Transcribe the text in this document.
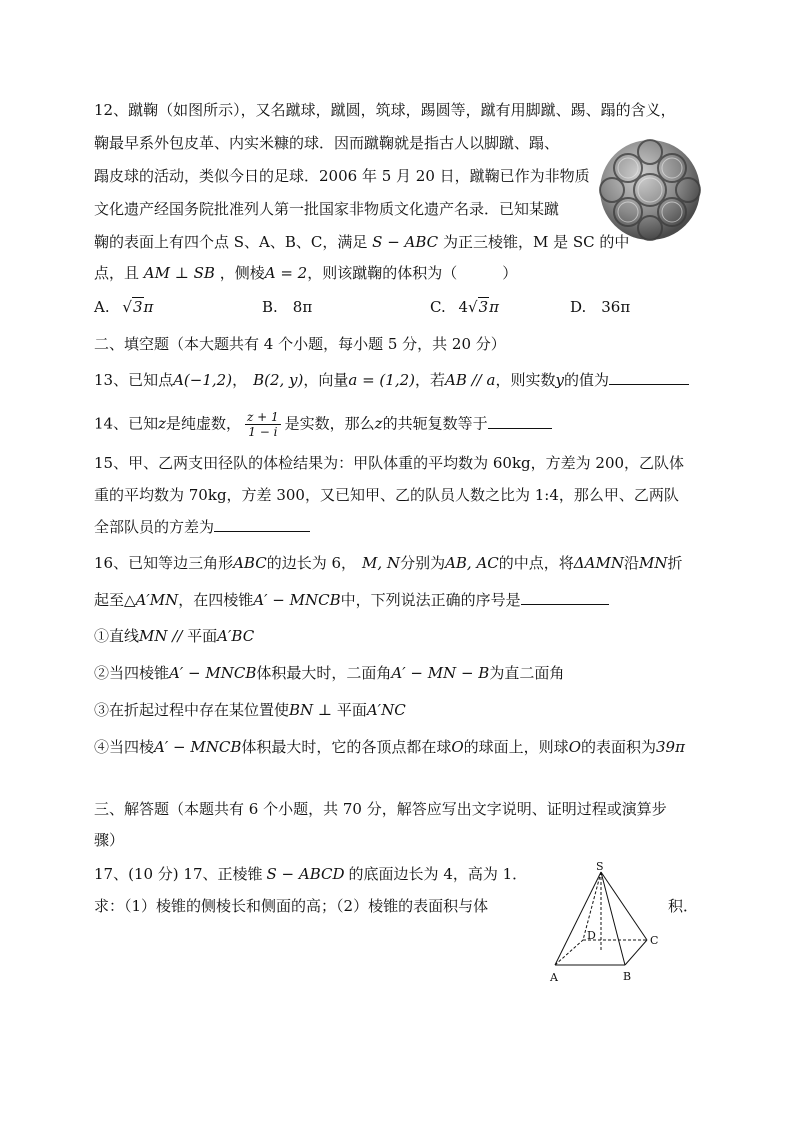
12、蹴鞠（如图所示），又名蹴球，蹴圆，筑球，踢圆等，蹴有用脚蹴、踢、蹋的含义，
鞠最早系外包皮革、内实米糠的球．因而蹴鞠就是指古人以脚蹴、蹋、
蹋皮球的活动，类似今日的足球．2006 年 5 月 20 日，蹴鞠已作为非物质
文化遗产经国务院批准列人第一批国家非物质文化遗产名录．已知某蹴
鞠的表面上有四个点 S、A、B、C，满足 S − ABC 为正三棱锥，M 是 SC 的中
点，且 AM ⊥ SB ，侧棱A = 2，则该蹴鞠的体积为（　　　）
A. √3π	B.　8π	C. 4√3π	D.　36π
二、填空题（本大题共有 4 个小题，每小题 5 分，共 20 分）
13、已知点A(−1,2)， B(2, y)，向量a = (1,2)，若AB // a，则实数y的值为
14、已知z是纯虚数， $\frac{z + 1}{1 - i}$ 是实数，那么z的共轭复数等于
15、甲、乙两支田径队的体检结果为：甲队体重的平均数为 60kg，方差为 200，乙队体
重的平均数为 70kg，方差 300，又已知甲、乙的队员人数之比为 1:4，那么甲、乙两队
全部队员的方差为
16、已知等边三角形ABC的边长为 6， M, N分别为AB, AC的中点，将ΔAMN沿MN折
起至△A′MN，在四棱锥A′ − MNCB中，下列说法正确的序号是
①直线MN // 平面A′BC
②当四棱锥A′ − MNCB体积最大时，二面角A′ − MN − B为直二面角
③在折起过程中存在某位置使BN ⊥ 平面A′NC
④当四棱A′ − MNCB体积最大时，它的各顶点都在球O的球面上，则球O的表面积为39π
三、解答题（本题共有 6 个小题，共 70 分，解答应写出文字说明、证明过程或演算步
骤）
17、(10 分) 17、正棱锥 S − ABCD 的底面边长为 4，高为 1．
求：（1）棱锥的侧棱长和侧面的高；（2）棱锥的表面积与体	积．
S
A	B
C
D
